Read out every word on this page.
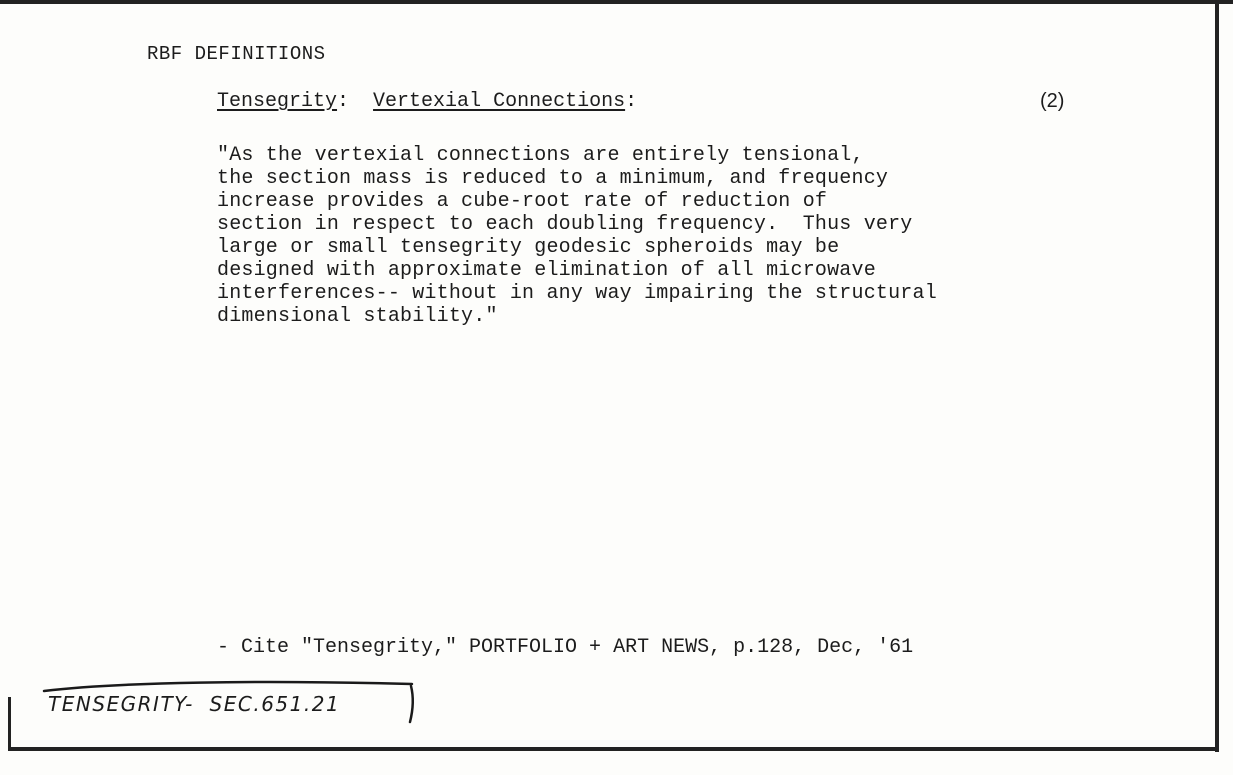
RBF DEFINITIONS
Tensegrity:  Vertexial Connections:	(2)
"As the vertexial connections are entirely tensional,
the section mass is reduced to a minimum, and frequency
increase provides a cube-root rate of reduction of
section in respect to each doubling frequency.  Thus very
large or small tensegrity geodesic spheroids may be
designed with approximate elimination of all microwave
interferences-- without in any way impairing the structural
dimensional stability."
- Cite "Tensegrity," PORTFOLIO + ART NEWS, p.128, Dec, '61
TENSEGRITY-  SEC.651.21
